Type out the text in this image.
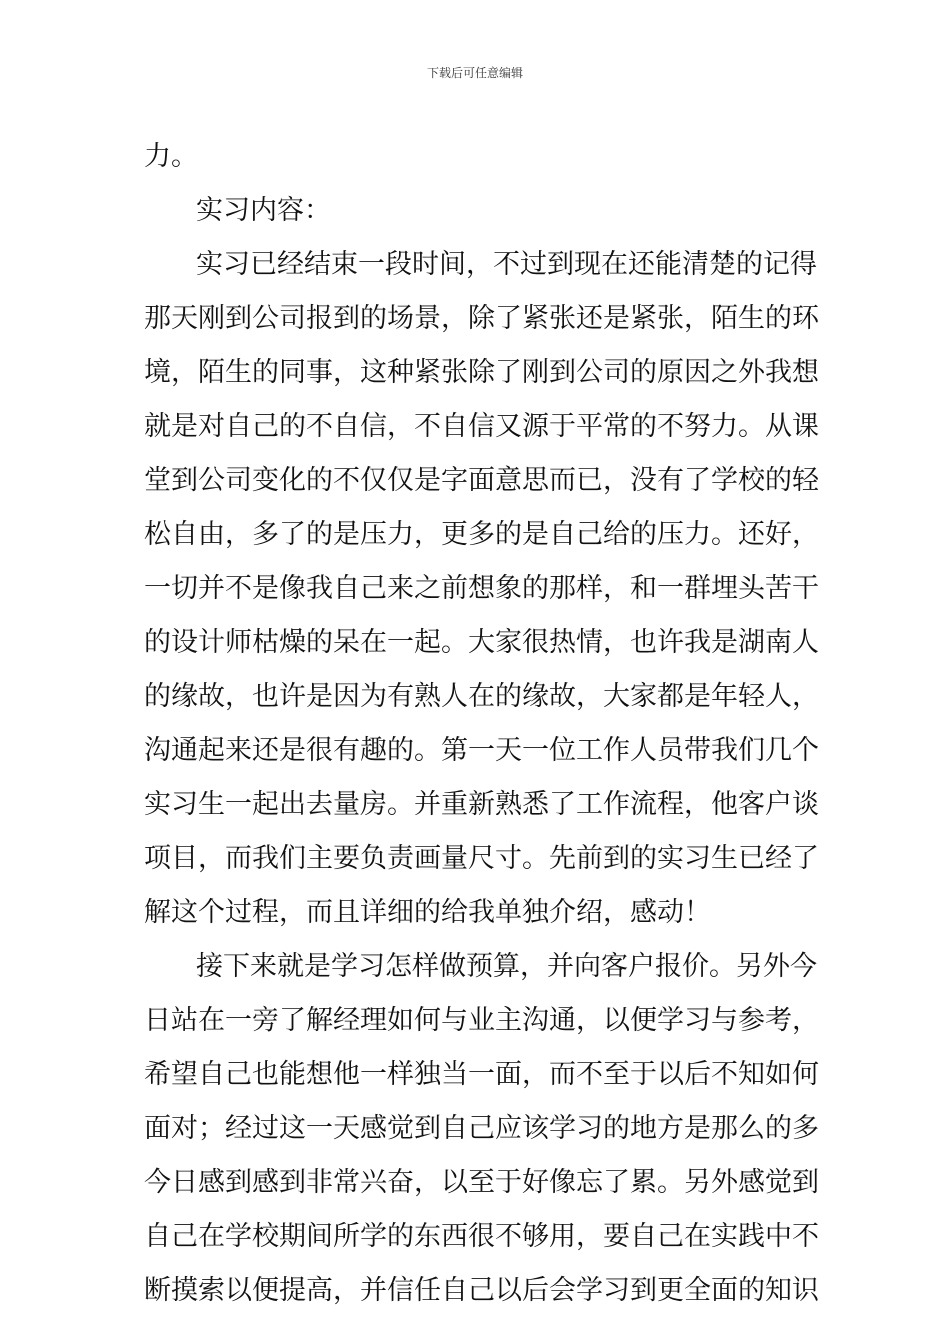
下载后可任意编辑
力。
实习内容：
实习已经结束一段时间，不过到现在还能清楚的记得
那天刚到公司报到的场景，除了紧张还是紧张，陌生的环
境，陌生的同事，这种紧张除了刚到公司的原因之外我想
就是对自己的不自信，不自信又源于平常的不努力。从课
堂到公司变化的不仅仅是字面意思而已，没有了学校的轻
松自由，多了的是压力，更多的是自己给的压力。还好，
一切并不是像我自己来之前想象的那样，和一群埋头苦干
的设计师枯燥的呆在一起。大家很热情，也许我是湖南人
的缘故，也许是因为有熟人在的缘故，大家都是年轻人，
沟通起来还是很有趣的。第一天一位工作人员带我们几个
实习生一起出去量房。并重新熟悉了工作流程，他客户谈
项目，而我们主要负责画量尺寸。先前到的实习生已经了
解这个过程，而且详细的给我单独介绍，感动！
接下来就是学习怎样做预算，并向客户报价。另外今
日站在一旁了解经理如何与业主沟通，以便学习与参考，
希望自己也能想他一样独当一面，而不至于以后不知如何
面对；经过这一天感觉到自己应该学习的地方是那么的多
今日感到感到非常兴奋，以至于好像忘了累。另外感觉到
自己在学校期间所学的东西很不够用，要自己在实践中不
断摸索以便提高，并信任自己以后会学习到更全面的知识
